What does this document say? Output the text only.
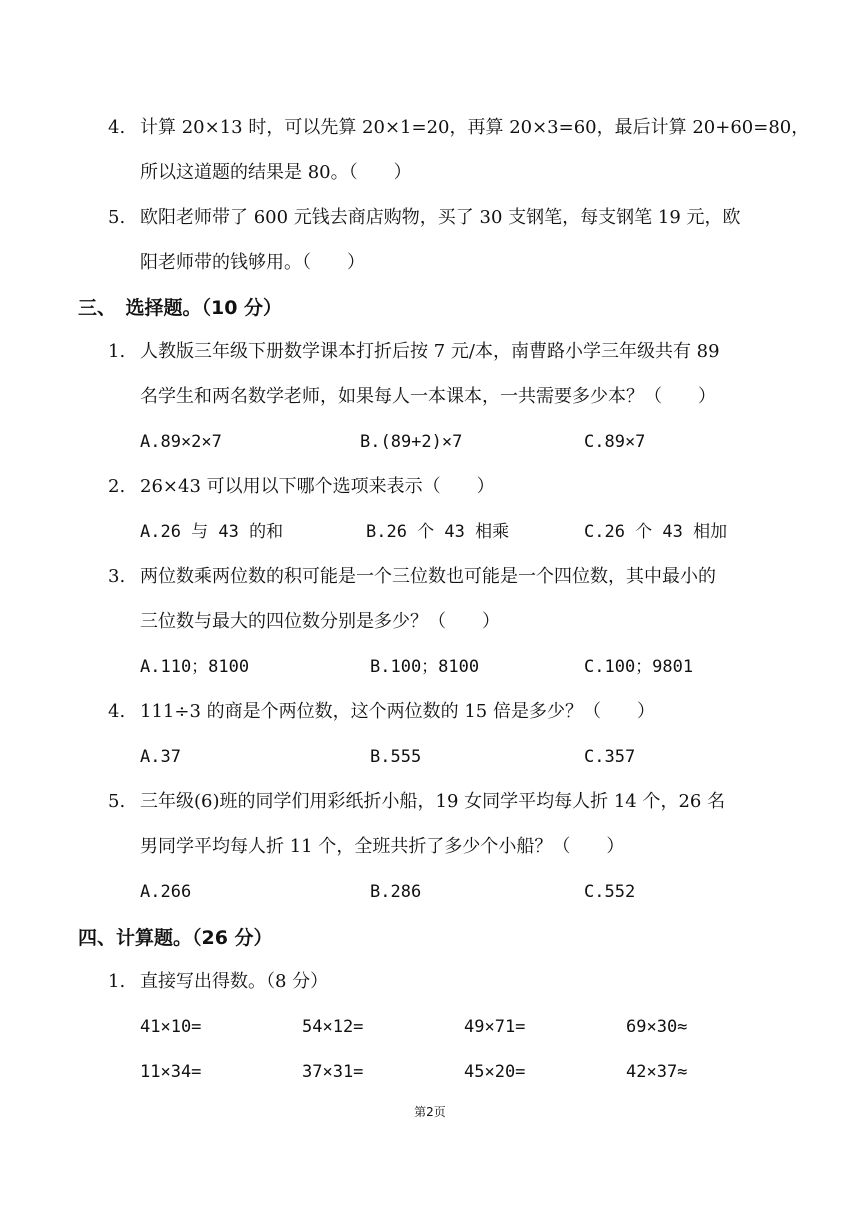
4. 计算 20×13 时，可以先算 20×1=20，再算 20×3=60，最后计算 20+60=80，
所以这道题的结果是 80。（　　）
5. 欧阳老师带了 600 元钱去商店购物，买了 30 支钢笔，每支钢笔 19 元，欧
阳老师带的钱够用。（　　）
三、　选择题。（10 分）
1. 人教版三年级下册数学课本打折后按 7 元/本，南曹路小学三年级共有 89
名学生和两名数学老师，如果每人一本课本，一共需要多少本？（　　）
A.89×2×7	B.(89+2)×7	C.89×7
2. 26×43 可以用以下哪个选项来表示（　　）
A.26 与 43 的和	B.26 个 43 相乘	C.26 个 43 相加
3. 两位数乘两位数的积可能是一个三位数也可能是一个四位数，其中最小的
三位数与最大的四位数分别是多少？（　　）
A.110；8100	B.100；8100	C.100；9801
4. 111÷3 的商是个两位数，这个两位数的 15 倍是多少？（　　）
A.37	B.555	C.357
5. 三年级(6)班的同学们用彩纸折小船，19 女同学平均每人折 14 个，26 名
男同学平均每人折 11 个，全班共折了多少个小船？（　　）
A.266	B.286	C.552
四、计算题。（26 分）
1. 直接写出得数。（8 分）
41×10=	54×12=	49×71=	69×30≈
11×34=	37×31=	45×20=	42×37≈
第2页
